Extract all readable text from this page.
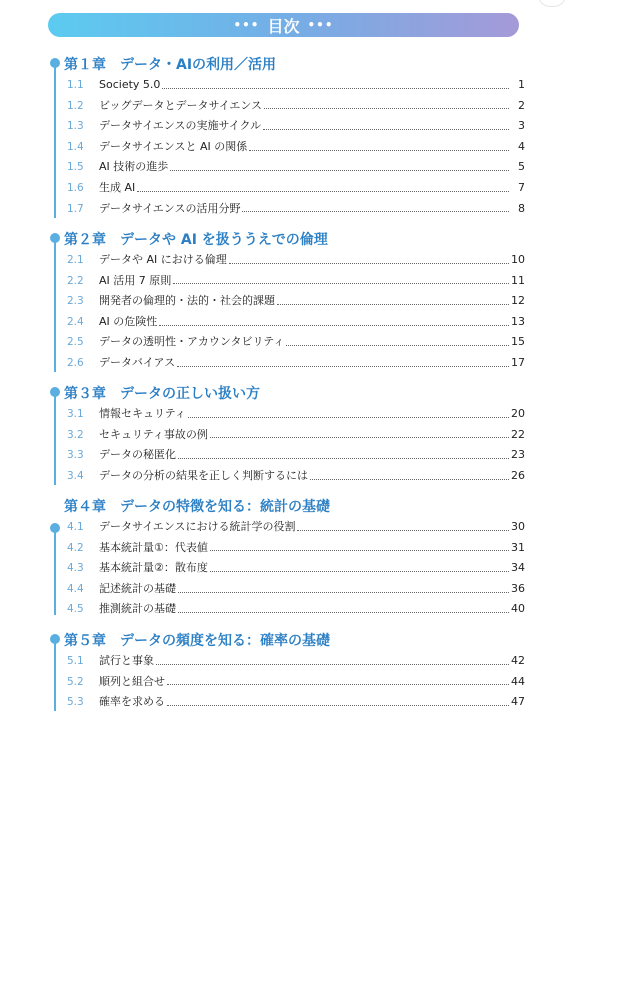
••• 目次 •••
第１章 データ・AIの利用／活用
1.1	Society 5.0	1
1.2	ビッグデータとデータサイエンス	2
1.3	データサイエンスの実施サイクル	3
1.4	データサイエンスと AI の関係	4
1.5	AI 技術の進歩	5
1.6	生成 AI	7
1.7	データサイエンスの活用分野	8
第２章 データや AI を扱ううえでの倫理
2.1	データや AI における倫理	10
2.2	AI 活用 7 原則	11
2.3	開発者の倫理的・法的・社会的課題	12
2.4	AI の危険性	13
2.5	データの透明性・アカウンタビリティ	15
2.6	データバイアス	17
第３章 データの正しい扱い方
3.1	情報セキュリティ	20
3.2	セキュリティ事故の例	22
3.3	データの秘匿化	23
3.4	データの分析の結果を正しく判断するには	26
第４章 データの特徴を知る：統計の基礎
4.1	データサイエンスにおける統計学の役割	30
4.2	基本統計量①：代表値	31
4.3	基本統計量②：散布度	34
4.4	記述統計の基礎	36
4.5	推測統計の基礎	40
第５章 データの頻度を知る：確率の基礎
5.1	試行と事象	42
5.2	順列と組合せ	44
5.3	確率を求める	47
